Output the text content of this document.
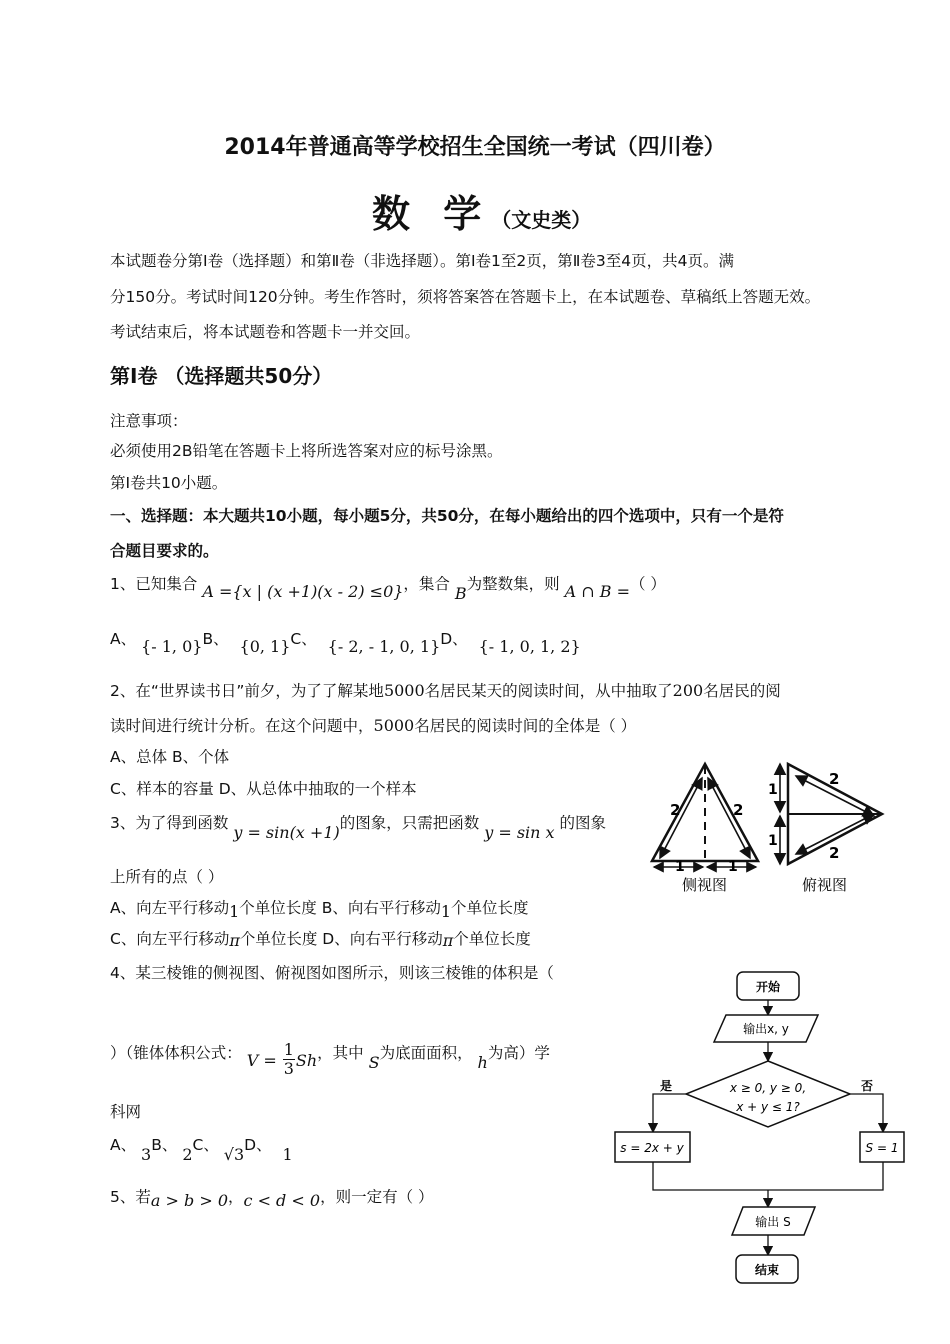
2014年普通高等学校招生全国统一考试（四川卷）
数 学（文史类）
本试题卷分第Ⅰ卷（选择题）和第Ⅱ卷（非选择题）。第Ⅰ卷1至2页，第Ⅱ卷3至4页，共4页。满
分150分。考试时间120分钟。考生作答时，须将答案答在答题卡上，在本试题卷、草稿纸上答题无效。
考试结束后，将本试题卷和答题卡一并交回。
第Ⅰ卷 （选择题共50分）
注意事项：
必须使用2B铅笔在答题卡上将所选答案对应的标号涂黑。
第Ⅰ卷共10小题。
一、选择题：本大题共10小题，每小题5分，共50分，在每小题给出的四个选项中，只有一个是符
合题目要求的。
1、已知集合 A ={x | (x +1)(x - 2) ≤0}，集合 B为整数集，则 A ∩ B =（ ）
A、 {- 1, 0}B、 {0, 1}C、 {- 2, - 1, 0, 1}D、 {- 1, 0, 1, 2}
2、在“世界读书日”前夕，为了了解某地5000名居民某天的阅读时间，从中抽取了200名居民的阅
读时间进行统计分析。在这个问题中，5000名居民的阅读时间的全体是（ ）
A、总体 B、个体
C、样本的容量 D、从总体中抽取的一个样本
3、为了得到函数 y = sin(x +1)的图象，只需把函数 y = sin x 的图象
上所有的点（ ）
A、向左平行移动1个单位长度 B、向右平行移动1个单位长度
C、向左平行移动π个单位长度 D、向右平行移动π个单位长度
4、某三棱锥的侧视图、俯视图如图所示，则该三棱锥的体积是（
）（锥体体积公式： $V = \frac{1}{3}$ Sh，其中 S为底面面积， h为高）学
科网
A、 3B、 2C、 √3D、 1
5、若a > b > 0，c < d < 0，则一定有（ ）
2	2
1	1
侧视图
1
1
2
2
俯视图
开始
输出x, y
x ≥ 0, y ≥ 0,
x + y ≤ 1?
是	否
s = 2x + y	S = 1
输出 S
结束
